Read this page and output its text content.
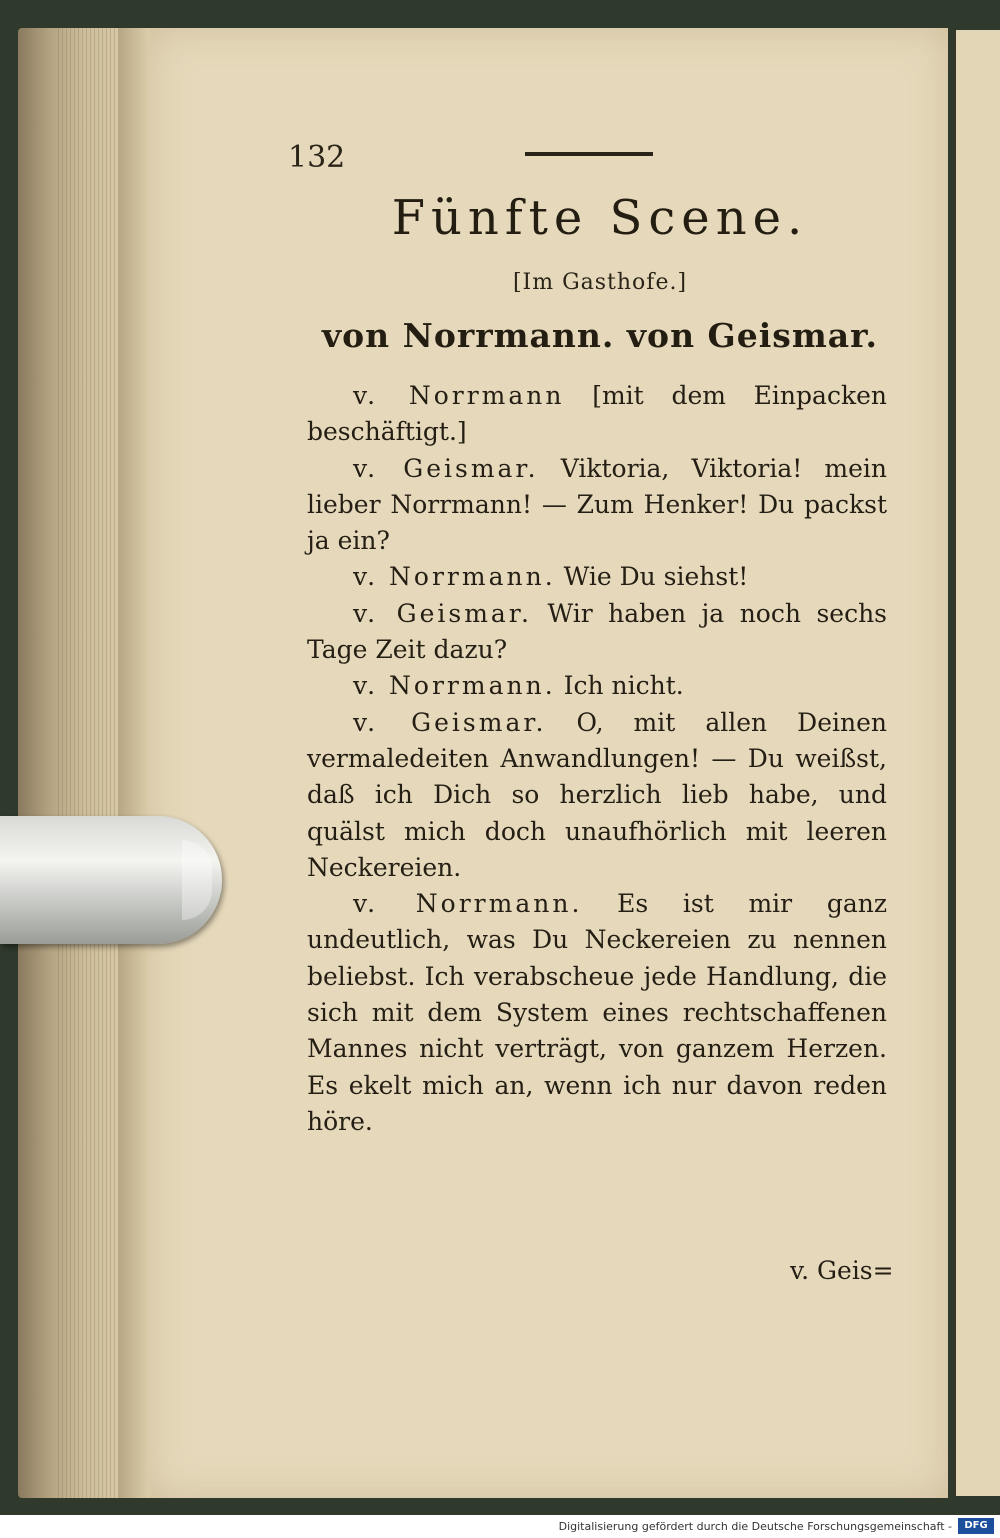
132
Fünfte Scene.
[Im Gasthofe.]
von Norrmann. von Geismar.

v. Norrmann [mit dem Einpacken beschäftigt.]

v. Geismar. Viktoria, Viktoria! mein lieber Norrmann! — Zum Henker! Du packst ja ein?

v. Norrmann. Wie Du siehst!

v. Geismar. Wir haben ja noch sechs Tage Zeit dazu?

v. Norrmann. Ich nicht.

v. Geismar. O, mit allen Deinen vermaledeiten Anwandlungen! — Du weißst, daß ich Dich so herzlich lieb habe, und quälst mich doch unaufhörlich mit leeren Neckereien.

v. Norrmann. Es ist mir ganz undeutlich, was Du Neckereien zu nennen beliebst. Ich verabscheue jede Handlung, die sich mit dem System eines rechtschaffenen Mannes nicht verträgt, von ganzem Herzen. Es ekelt mich an, wenn ich nur davon reden höre.

v. Geis=
Digitalisierung gefördert durch die Deutsche Forschungsgemeinschaft -	DFG
